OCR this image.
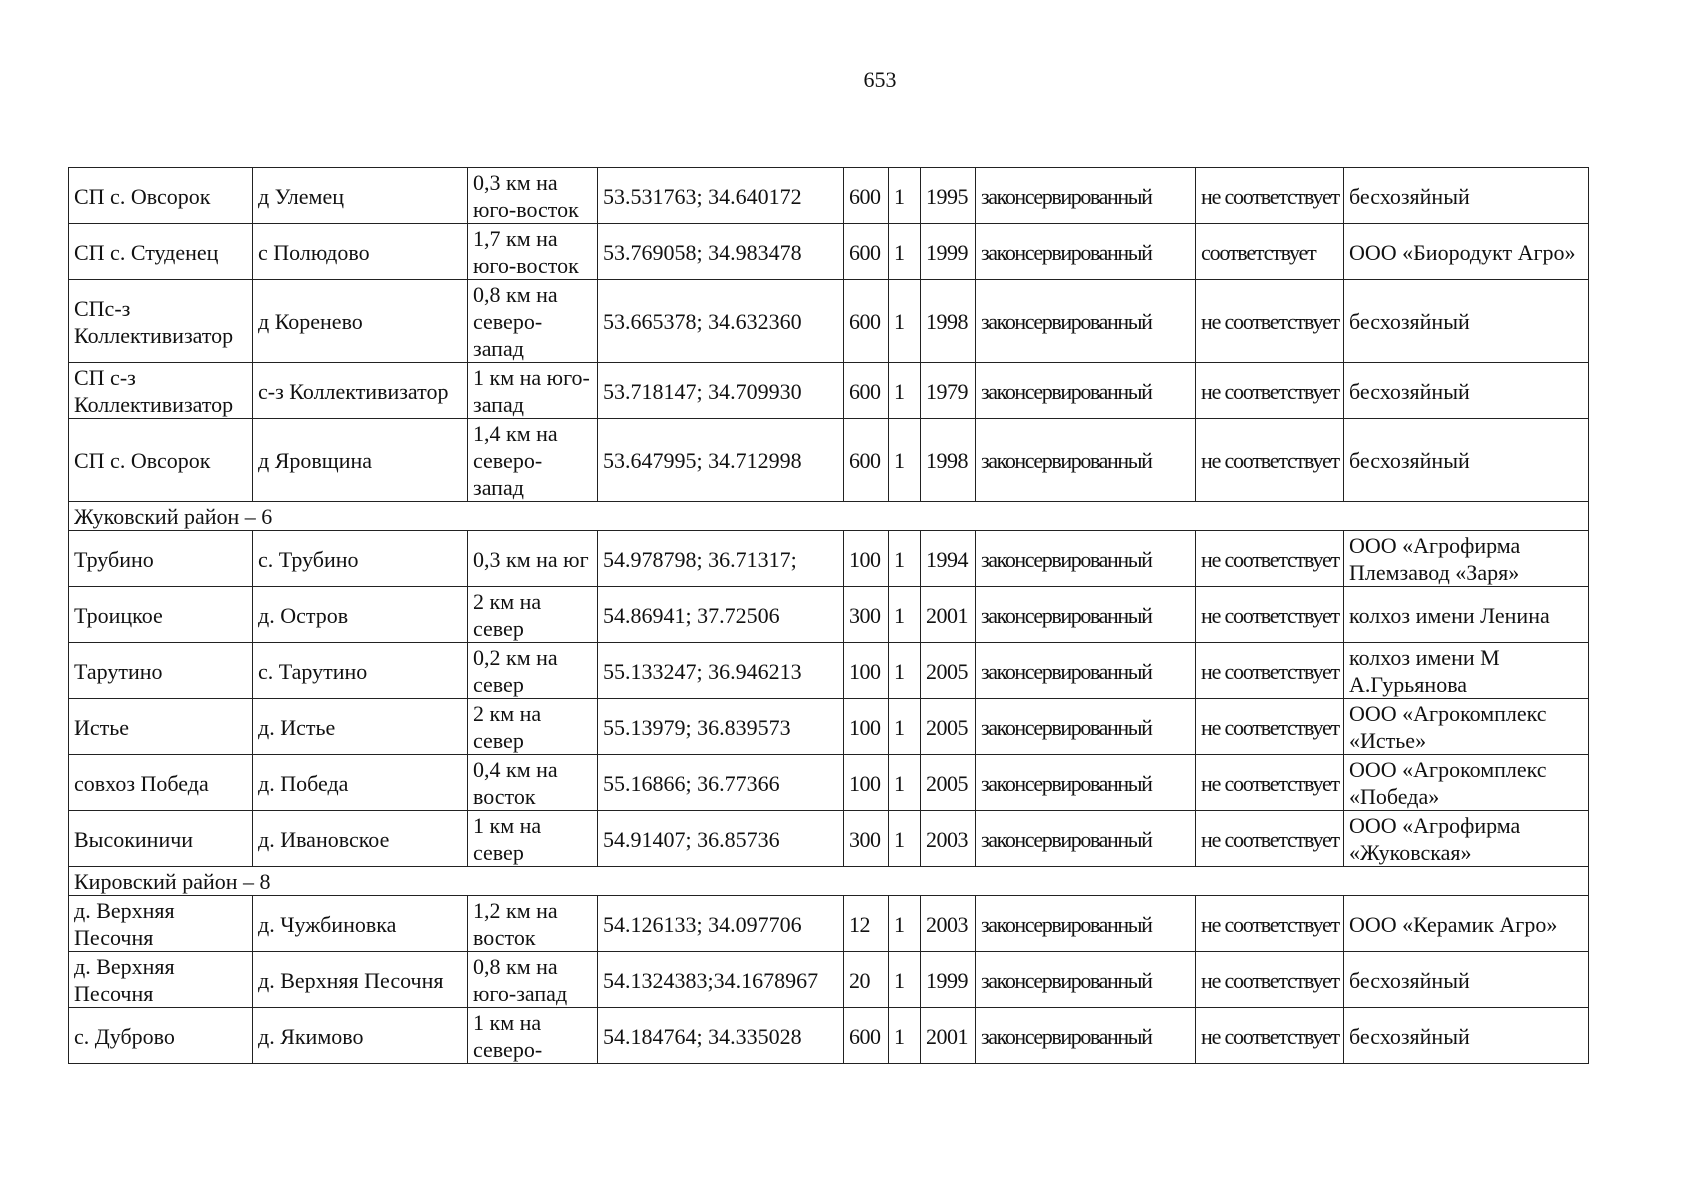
653
СП с. Овсорок	д Улемец	0,3 км на юго-восток	53.531763; 34.640172	600	1	1995	законсервированный	не соответствует	бесхозяйный
СП с. Студенец	с Полюдово	1,7 км на юго-восток	53.769058; 34.983478	600	1	1999	законсервированный	соответствует	ООО «Биородукт Агро»
СПс-з Коллективизатор	д Коренево	0,8 км на северо-запад	53.665378; 34.632360	600	1	1998	законсервированный	не соответствует	бесхозяйный
СП с-з Коллективизатор	с-з Коллективизатор	1 км на юго-запад	53.718147; 34.709930	600	1	1979	законсервированный	не соответствует	бесхозяйный
СП с. Овсорок	д Яровщина	1,4 км на северо-запад	53.647995; 34.712998	600	1	1998	законсервированный	не соответствует	бесхозяйный
Жуковский район – 6									
Трубино	с. Трубино	0,3 км на юг	54.978798; 36.71317;	100	1	1994	законсервированный	не соответствует	ООО «Агрофирма Племзавод «Заря»
Троицкое	д. Остров	2 км на север	54.86941; 37.72506	300	1	2001	законсервированный	не соответствует	колхоз имени Ленина
Тарутино	с. Тарутино	0,2 км на север	55.133247; 36.946213	100	1	2005	законсервированный	не соответствует	колхоз имени М А.Гурьянова
Истье	д. Истье	2 км на север	55.13979; 36.839573	100	1	2005	законсервированный	не соответствует	ООО «Агрокомплекс «Истье»
совхоз Победа	д. Победа	0,4 км на восток	55.16866; 36.77366	100	1	2005	законсервированный	не соответствует	ООО «Агрокомплекс «Победа»
Высокиничи	д. Ивановское	1 км на север	54.91407; 36.85736	300	1	2003	законсервированный	не соответствует	ООО «Агрофирма «Жуковская»
Кировский район – 8									
д. Верхняя Песочня	д. Чужбиновка	1,2 км на восток	54.126133; 34.097706	12	1	2003	законсервированный	не соответствует	ООО «Керамик Агро»
д. Верхняя Песочня	д. Верхняя Песочня	0,8 км на юго-запад	54.1324383;34.1678967	20	1	1999	законсервированный	не соответствует	бесхозяйный
с. Дуброво	д. Якимово	1 км на северо-	54.184764; 34.335028	600	1	2001	законсервированный	не соответствует	бесхозяйный
